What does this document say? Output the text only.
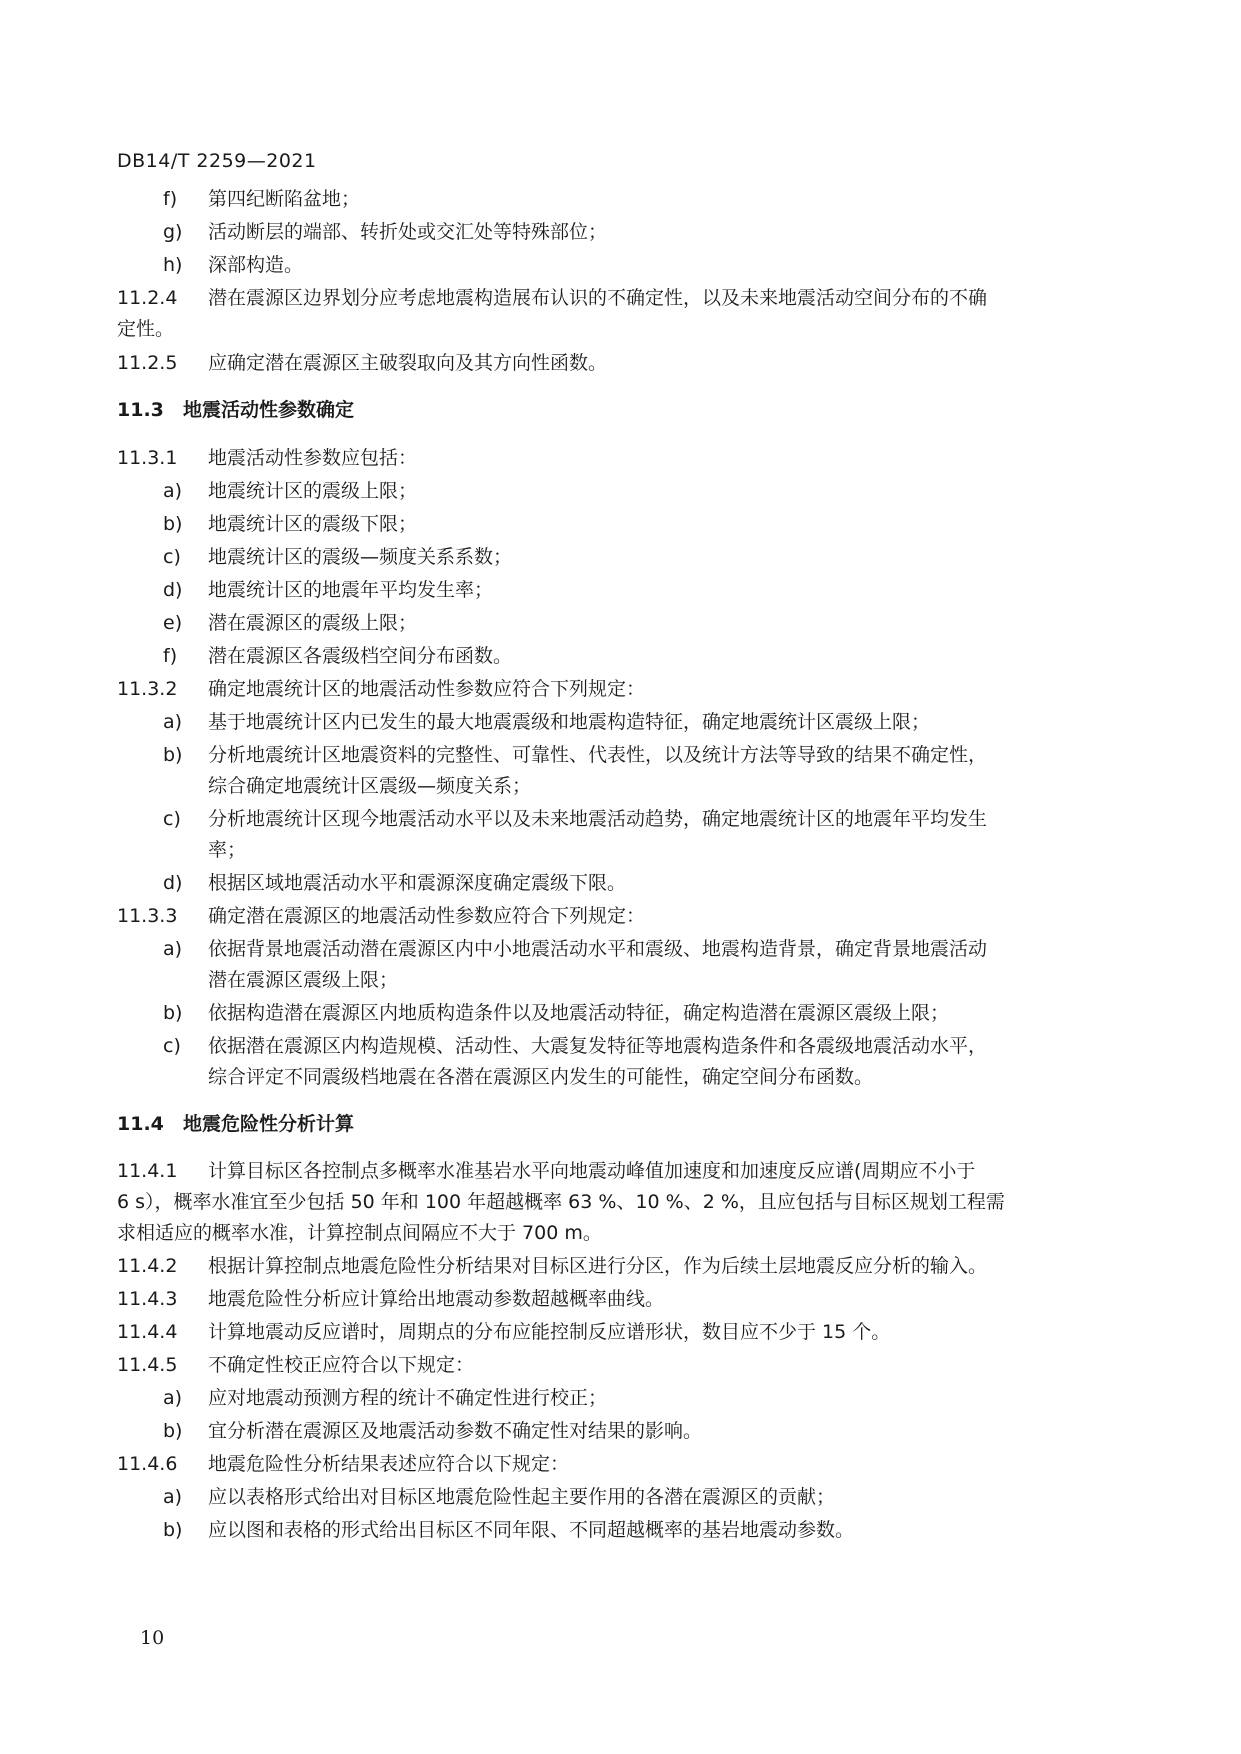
DB14/T 2259—2021
f) 第四纪断陷盆地；
g) 活动断层的端部、转折处或交汇处等特殊部位；
h) 深部构造。
11.2.4 潜在震源区边界划分应考虑地震构造展布认识的不确定性，以及未来地震活动空间分布的不确
定性。
11.2.5 应确定潜在震源区主破裂取向及其方向性函数。
11.3 地震活动性参数确定
11.3.1 地震活动性参数应包括：
a) 地震统计区的震级上限；
b) 地震统计区的震级下限；
c) 地震统计区的震级—频度关系系数；
d) 地震统计区的地震年平均发生率；
e) 潜在震源区的震级上限；
f) 潜在震源区各震级档空间分布函数。
11.3.2 确定地震统计区的地震活动性参数应符合下列规定：
a) 基于地震统计区内已发生的最大地震震级和地震构造特征，确定地震统计区震级上限；
b) 分析地震统计区地震资料的完整性、可靠性、代表性，以及统计方法等导致的结果不确定性，
综合确定地震统计区震级—频度关系；
c) 分析地震统计区现今地震活动水平以及未来地震活动趋势，确定地震统计区的地震年平均发生
率；
d) 根据区域地震活动水平和震源深度确定震级下限。
11.3.3 确定潜在震源区的地震活动性参数应符合下列规定：
a) 依据背景地震活动潜在震源区内中小地震活动水平和震级、地震构造背景，确定背景地震活动
潜在震源区震级上限；
b) 依据构造潜在震源区内地质构造条件以及地震活动特征，确定构造潜在震源区震级上限；
c) 依据潜在震源区内构造规模、活动性、大震复发特征等地震构造条件和各震级地震活动水平，
综合评定不同震级档地震在各潜在震源区内发生的可能性，确定空间分布函数。
11.4 地震危险性分析计算
11.4.1 计算目标区各控制点多概率水准基岩水平向地震动峰值加速度和加速度反应谱(周期应不小于
6 s），概率水准宜至少包括 50 年和 100 年超越概率 63 %、10 %、2 %，且应包括与目标区规划工程需
求相适应的概率水准，计算控制点间隔应不大于 700 m。
11.4.2 根据计算控制点地震危险性分析结果对目标区进行分区，作为后续土层地震反应分析的输入。
11.4.3 地震危险性分析应计算给出地震动参数超越概率曲线。
11.4.4 计算地震动反应谱时，周期点的分布应能控制反应谱形状，数目应不少于 15 个。
11.4.5 不确定性校正应符合以下规定：
a) 应对地震动预测方程的统计不确定性进行校正；
b) 宜分析潜在震源区及地震活动参数不确定性对结果的影响。
11.4.6 地震危险性分析结果表述应符合以下规定：
a) 应以表格形式给出对目标区地震危险性起主要作用的各潜在震源区的贡献；
b) 应以图和表格的形式给出目标区不同年限、不同超越概率的基岩地震动参数。
10
